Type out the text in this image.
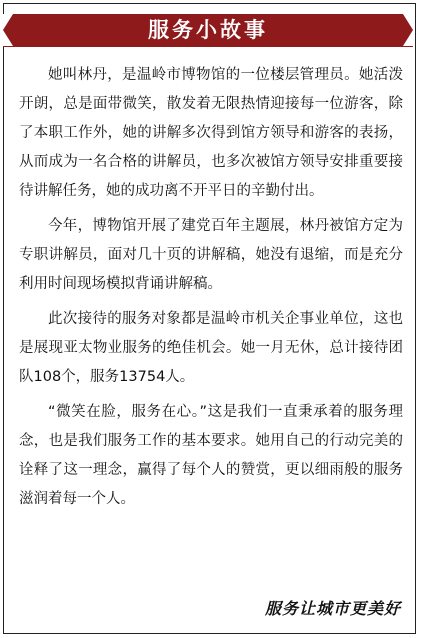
服务小故事

她叫林丹，是温岭市博物馆的一位楼层管理员。她活泼开朗，总是面带微笑，散发着无限热情迎接每一位游客，除了本职工作外，她的讲解多次得到馆方领导和游客的表扬，从而成为一名合格的讲解员，也多次被馆方领导安排重要接待讲解任务，她的成功离不开平日的辛勤付出。

今年，博物馆开展了建党百年主题展，林丹被馆方定为专职讲解员，面对几十页的讲解稿，她没有退缩，而是充分利用时间现场模拟背诵讲解稿。

此次接待的服务对象都是温岭市机关企事业单位，这也是展现亚太物业服务的绝佳机会。她一月无休，总计接待团队108个，服务13754人。

“微笑在脸，服务在心。”这是我们一直秉承着的服务理念，也是我们服务工作的基本要求。她用自己的行动完美的诠释了这一理念，赢得了每个人的赞赏，更以细雨般的服务滋润着每一个人。

服务让城市更美好
